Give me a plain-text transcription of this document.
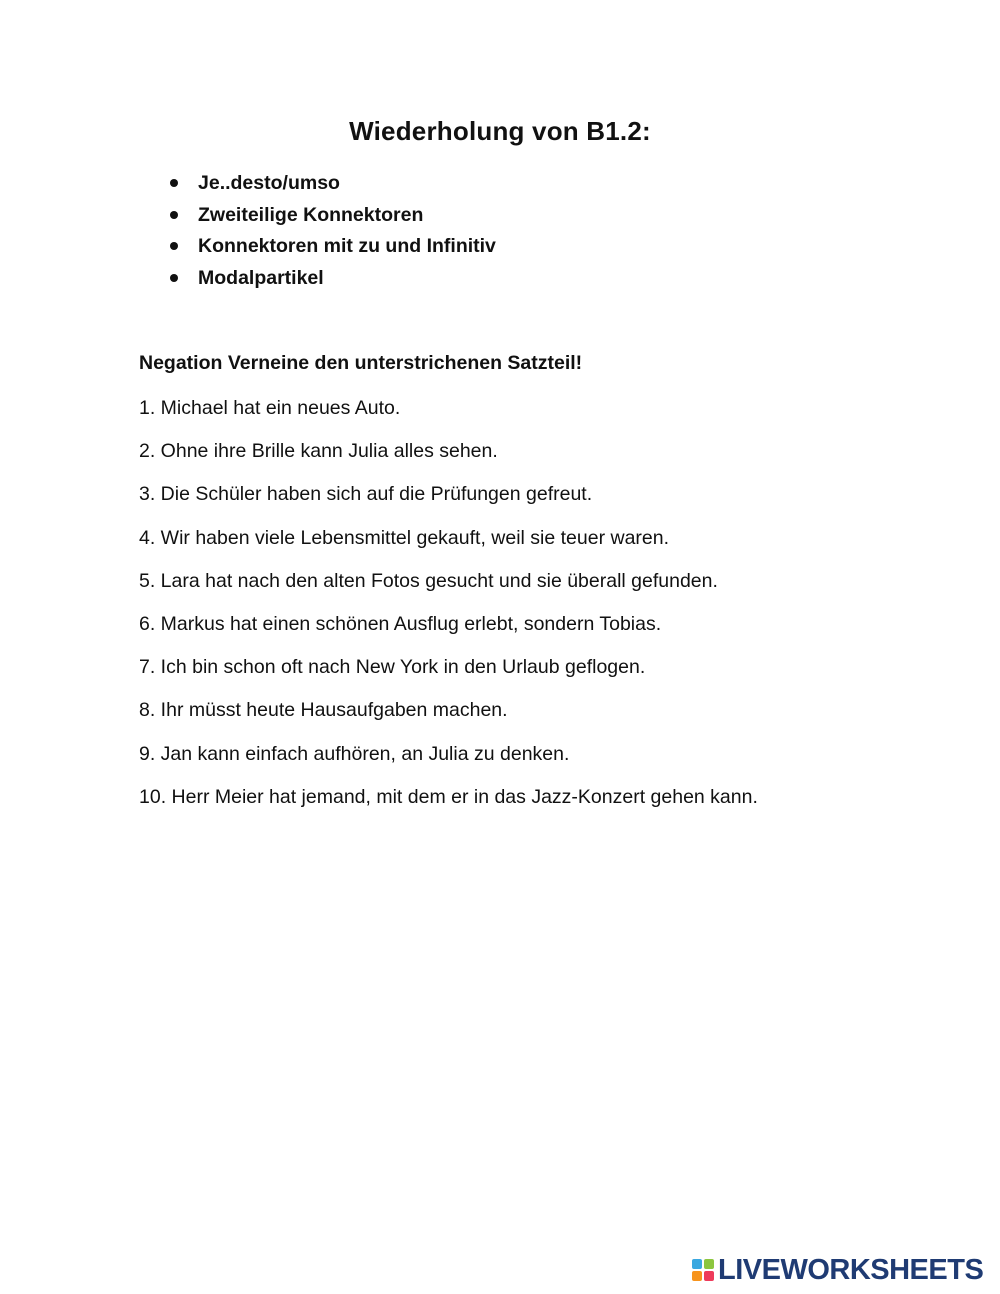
Wiederholung von B1.2:
Je..desto/umso
Zweiteilige Konnektoren
Konnektoren mit zu und Infinitiv
Modalpartikel

Negation Verneine den unterstrichenen Satzteil!

1. Michael hat ein neues Auto.
2. Ohne ihre Brille kann Julia alles sehen.
3. Die Schüler haben sich auf die Prüfungen gefreut.
4. Wir haben viele Lebensmittel gekauft, weil sie teuer waren.
5. Lara hat nach den alten Fotos gesucht und sie überall gefunden.
6. Markus hat einen schönen Ausflug erlebt, sondern Tobias.
7. Ich bin schon oft nach New York in den Urlaub geflogen.
8. Ihr müsst heute Hausaufgaben machen.
9. Jan kann einfach aufhören, an Julia zu denken.
10. Herr Meier hat jemand, mit dem er in das Jazz-Konzert gehen kann.
LIVEWORKSHEETS
